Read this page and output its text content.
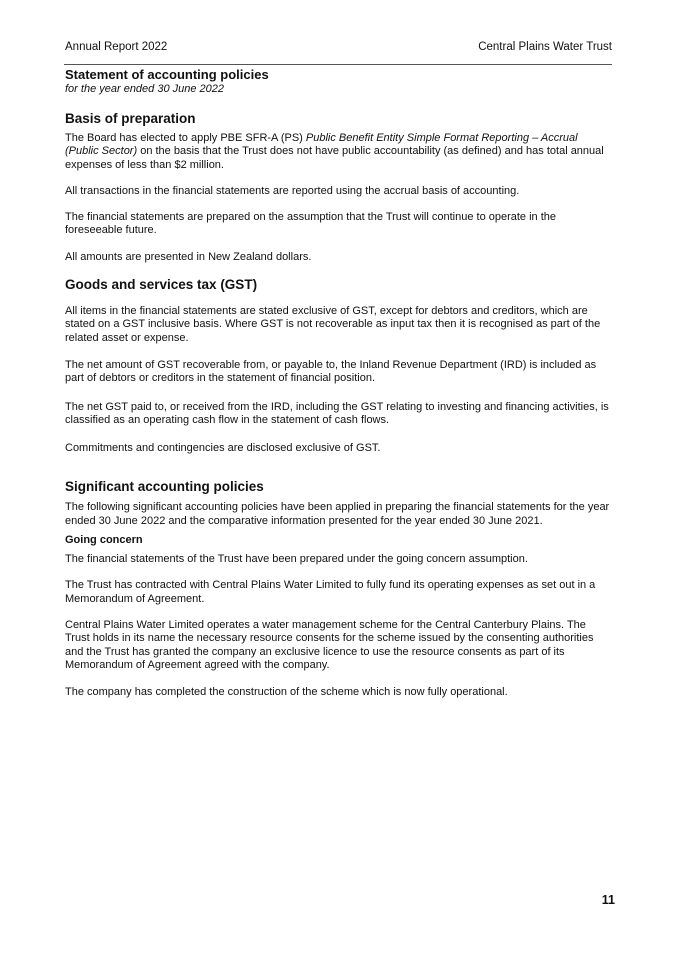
Annual Report 2022	Central Plains Water Trust
Statement of accounting policies
for the year ended 30 June 2022
Basis of preparation

The Board has elected to apply PBE SFR-A (PS) Public Benefit Entity Simple Format Reporting – Accrual (Public Sector) on the basis that the Trust does not have public accountability (as defined) and has total annual expenses of less than $2 million.

All transactions in the financial statements are reported using the accrual basis of accounting.

The financial statements are prepared on the assumption that the Trust will continue to operate in the foreseeable future.

All amounts are presented in New Zealand dollars.

Goods and services tax (GST)

All items in the financial statements are stated exclusive of GST, except for debtors and creditors, which are stated on a GST inclusive basis. Where GST is not recoverable as input tax then it is recognised as part of the related asset or expense.

The net amount of GST recoverable from, or payable to, the Inland Revenue Department (IRD) is included as part of debtors or creditors in the statement of financial position.

The net GST paid to, or received from the IRD, including the GST relating to investing and financing activities, is classified as an operating cash flow in the statement of cash flows.

Commitments and contingencies are disclosed exclusive of GST.

Significant accounting policies

The following significant accounting policies have been applied in preparing the financial statements for the year ended 30 June 2022 and the comparative information presented for the year ended 30 June 2021.

Going concern

The financial statements of the Trust have been prepared under the going concern assumption.

The Trust has contracted with Central Plains Water Limited to fully fund its operating expenses as set out in a Memorandum of Agreement.

Central Plains Water Limited operates a water management scheme for the Central Canterbury Plains. The Trust holds in its name the necessary resource consents for the scheme issued by the consenting authorities and the Trust has granted the company an exclusive licence to use the resource consents as part of its Memorandum of Agreement agreed with the company.

The company has completed the construction of the scheme which is now fully operational.

11
